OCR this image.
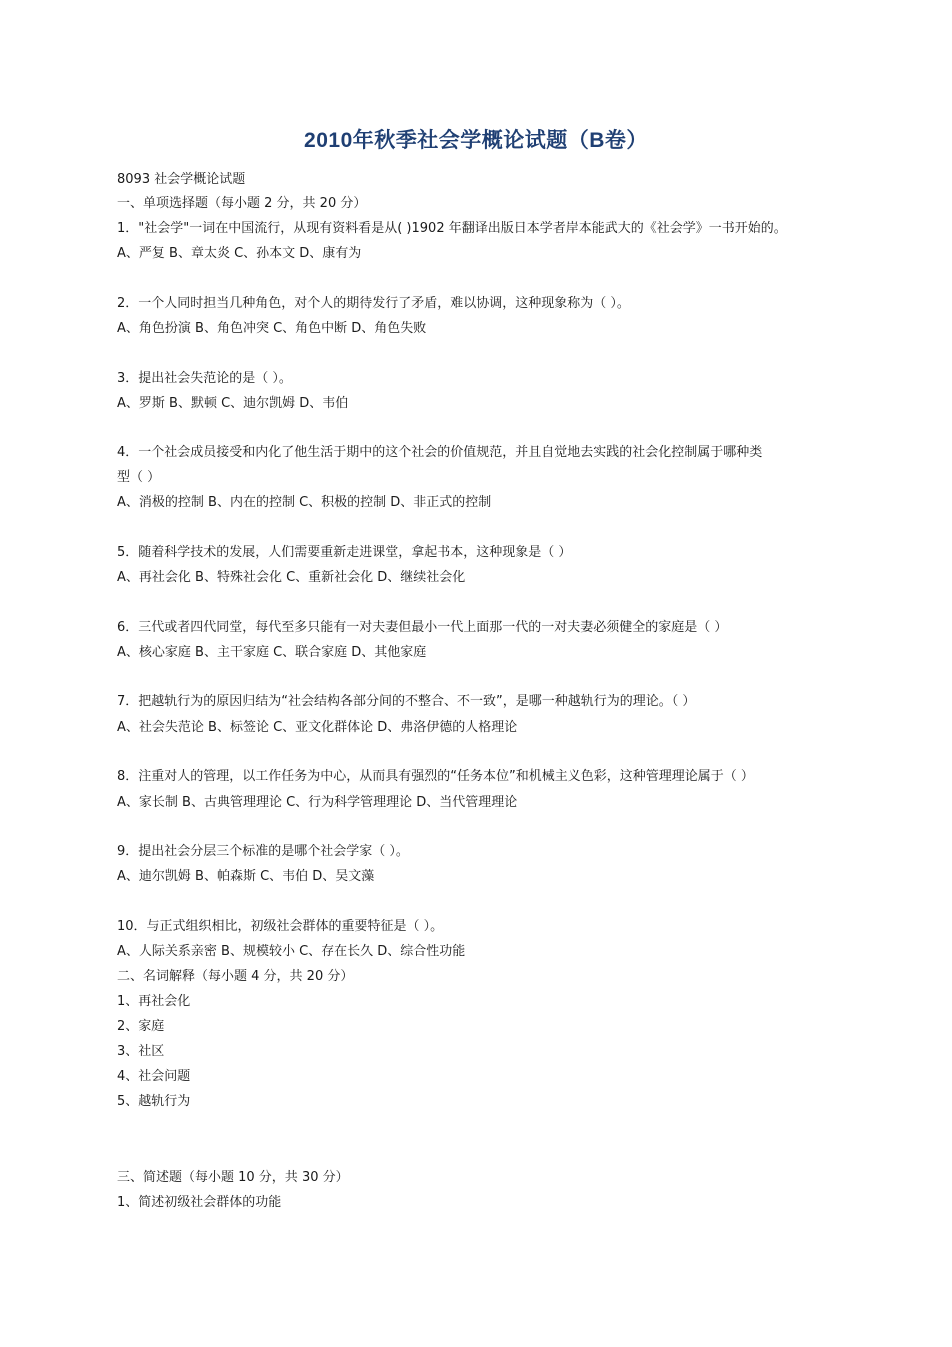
2010年秋季社会学概论试题（B卷）
8093 社会学概论试题
一、单项选择题（每小题 2 分，共 20 分）
1．"社会学"一词在中国流行，从现有资料看是从( )1902 年翻译出版日本学者岸本能武大的《社会学》一书开始的。
A、严复 B、章太炎 C、孙本文 D、康有为
2．一个人同时担当几种角色，对个人的期待发行了矛盾，难以协调，这种现象称为（ ）。
A、角色扮演 B、角色冲突 C、角色中断 D、角色失败
3．提出社会失范论的是（ ）。
A、罗斯 B、默顿 C、迪尔凯姆 D、韦伯
4．一个社会成员接受和内化了他生活于期中的这个社会的价值规范，并且自觉地去实践的社会化控制属于哪种类
型（ ）
A、消极的控制 B、内在的控制 C、积极的控制 D、非正式的控制
5．随着科学技术的发展，人们需要重新走进课堂，拿起书本，这种现象是（ ）
A、再社会化 B、特殊社会化 C、重新社会化 D、继续社会化
6．三代或者四代同堂，每代至多只能有一对夫妻但最小一代上面那一代的一对夫妻必须健全的家庭是（ ）
A、核心家庭 B、主干家庭 C、联合家庭 D、其他家庭
7．把越轨行为的原因归结为“社会结构各部分间的不整合、不一致”，是哪一种越轨行为的理论。（ ）
A、社会失范论 B、标签论 C、亚文化群体论 D、弗洛伊德的人格理论
8．注重对人的管理，以工作任务为中心，从而具有强烈的“任务本位”和机械主义色彩，这种管理理论属于（ ）
A、家长制 B、古典管理理论 C、行为科学管理理论 D、当代管理理论
9．提出社会分层三个标准的是哪个社会学家（ ）。
A、迪尔凯姆 B、帕森斯 C、韦伯 D、吴文藻
10．与正式组织相比，初级社会群体的重要特征是（ ）。
A、人际关系亲密 B、规模较小 C、存在长久 D、综合性功能
二、名词解释（每小题 4 分，共 20 分）
1、再社会化
2、家庭
3、社区
4、社会问题
5、越轨行为
三、简述题（每小题 10 分，共 30 分）
1、简述初级社会群体的功能
